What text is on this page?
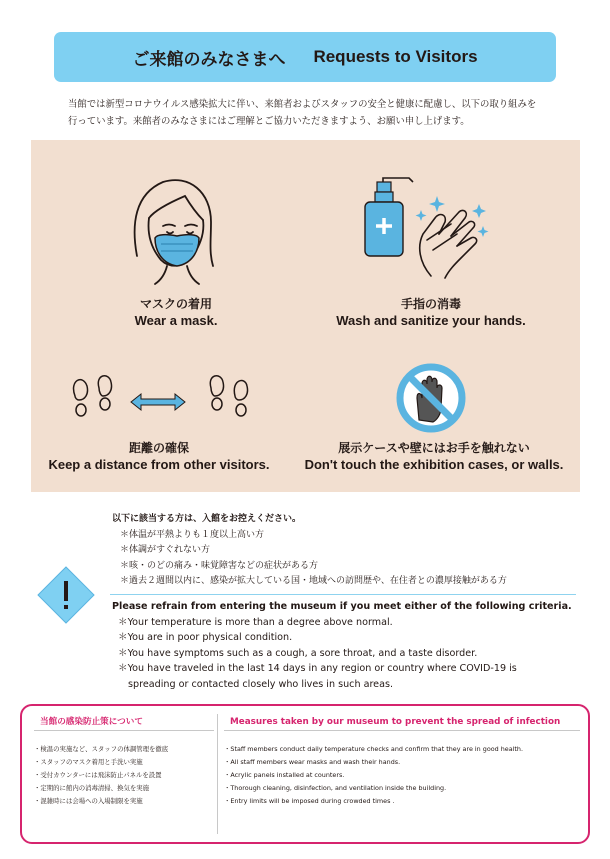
ご来館のみなさまへ Requests to Visitors
当館では新型コロナウイルス感染拡大に伴い、来館者およびスタッフの安全と健康に配慮し、以下の取り組みを
行っています。来館者のみなさまにはご理解とご協力いただきますよう、お願い申し上げます。
マスクの着用
Wear a mask.
手指の消毒
Wash and sanitize your hands.
距離の確保
Keep a distance from other visitors.
展示ケースや壁にはお手を触れない
Don't touch the exhibition cases, or walls.
以下に該当する方は、入館をお控えください。
＊体温が平熱よりも１度以上高い方
＊体調がすぐれない方
＊咳・のどの痛み・味覚障害などの症状がある方
＊過去２週間以内に、感染が拡大している国・地域への訪問歴や、在住者との濃厚接触がある方
Please refrain from entering the museum if you meet either of the following criteria.
＊Your temperature is more than a degree above normal.
＊You are in poor physical condition.
＊You have symptoms such as a cough, a sore throat, and a taste disorder.
＊You have traveled in the last 14 days in any region or country where COVID-19 is
spreading or contacted closely who lives in such areas.
当館の感染防止策について
・検温の実施など、スタッフの体調管理を徹底
・スタッフのマスク着用と手洗い実施
・受付カウンターには飛沫防止パネルを設置
・定期的に館内の消毒清掃、換気を実施
・混雑時には会場への入場制限を実施
Measures taken by our museum to prevent the spread of infection
・Staff members conduct daily temperature checks and confirm that they are in good health.
・All staff members wear masks and wash their hands.
・Acrylic panels installed at counters.
・Thorough cleaning, disinfection, and ventilation inside the building.
・Entry limits will be imposed during crowded times .
